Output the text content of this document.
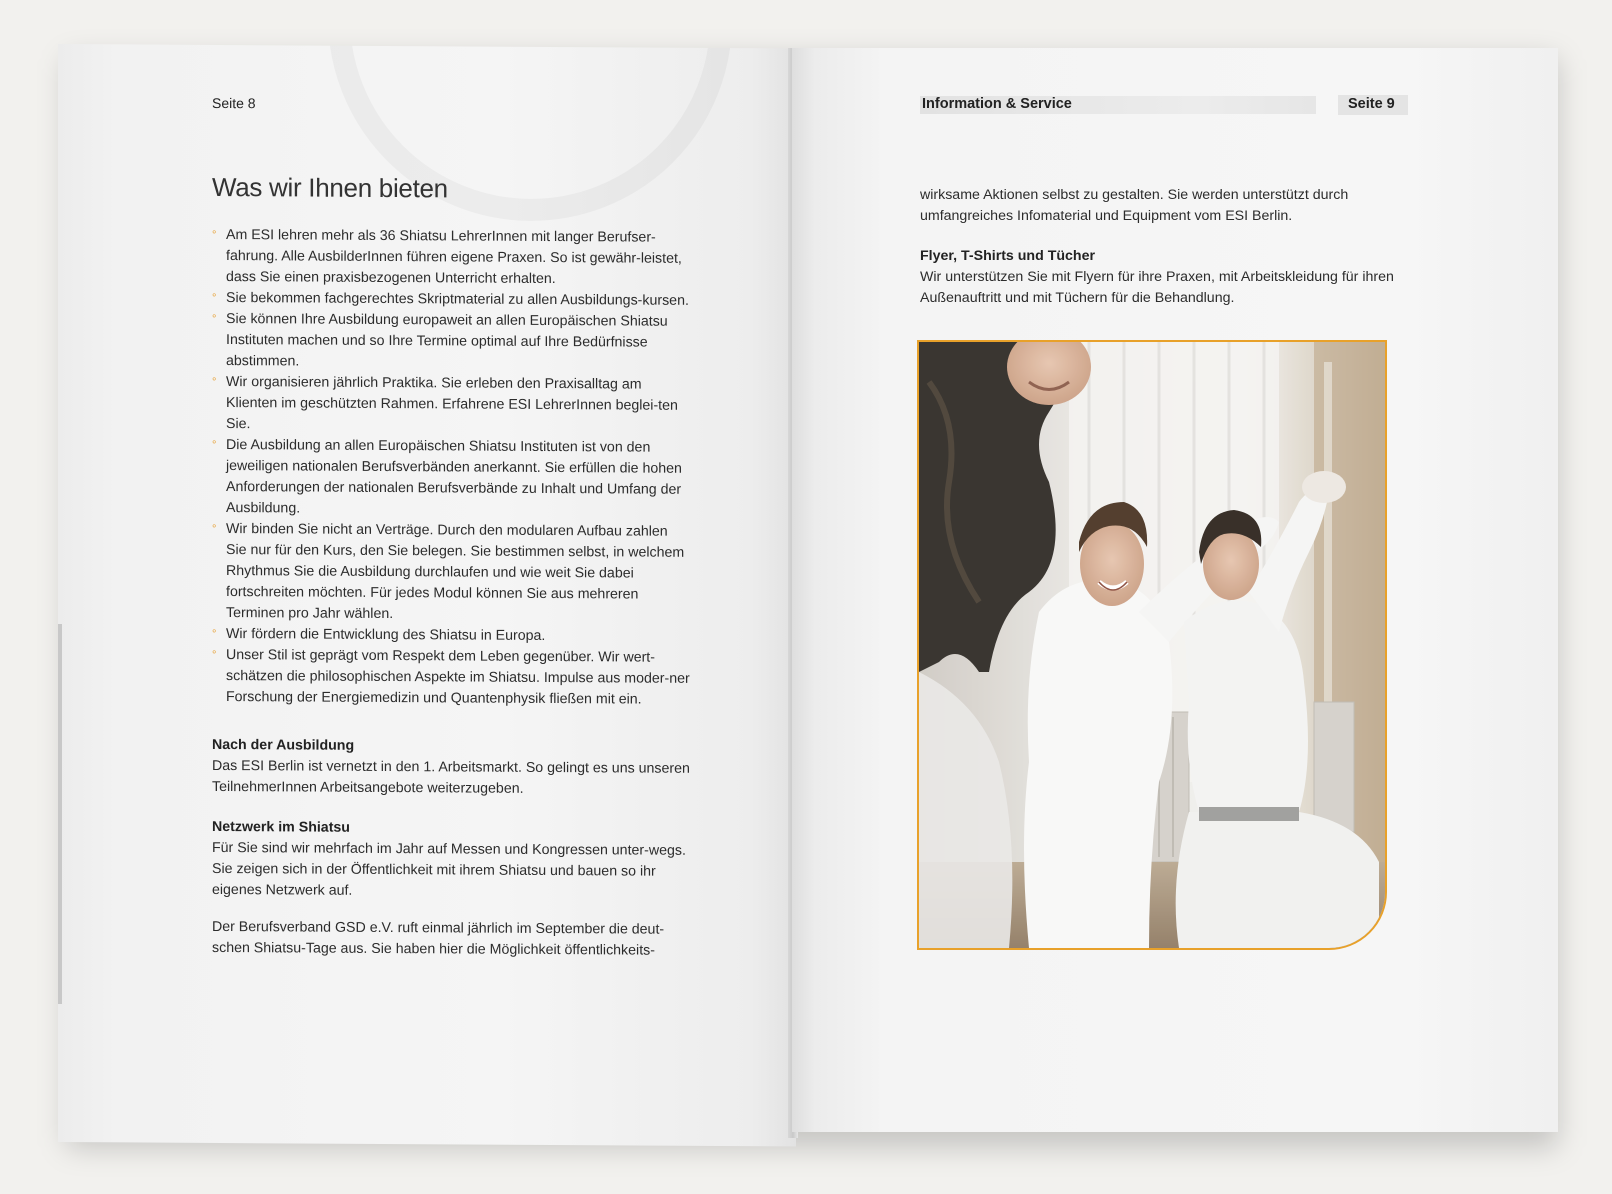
Seite 8
Was wir Ihnen bieten
° Am ESI lehren mehr als 36 Shiatsu LehrerInnen mit langer Berufser-fahrung. Alle AusbilderInnen führen eigene Praxen. So ist gewähr-leistet, dass Sie einen praxisbezogenen Unterricht erhalten.
° Sie bekommen fachgerechtes Skriptmaterial zu allen Ausbildungs-kursen.
° Sie können Ihre Ausbildung europaweit an allen Europäischen Shiatsu Instituten machen und so Ihre Termine optimal auf Ihre Bedürfnisse abstimmen.
° Wir organisieren jährlich Praktika. Sie erleben den Praxisalltag am Klienten im geschützten Rahmen. Erfahrene ESI LehrerInnen beglei-ten Sie.
° Die Ausbildung an allen Europäischen Shiatsu Instituten ist von den jeweiligen nationalen Berufsverbänden anerkannt. Sie erfüllen die hohen Anforderungen der nationalen Berufsverbände zu Inhalt und Umfang der Ausbildung.
° Wir binden Sie nicht an Verträge. Durch den modularen Aufbau zahlen Sie nur für den Kurs, den Sie belegen. Sie bestimmen selbst, in welchem Rhythmus Sie die Ausbildung durchlaufen und wie weit Sie dabei fortschreiten möchten. Für jedes Modul können Sie aus mehreren Terminen pro Jahr wählen.
° Wir fördern die Entwicklung des Shiatsu in Europa.
° Unser Stil ist geprägt vom Respekt dem Leben gegenüber. Wir wert-schätzen die philosophischen Aspekte im Shiatsu. Impulse aus moder-ner Forschung der Energiemedizin und Quantenphysik fließen mit ein.

Nach der Ausbildung

Das ESI Berlin ist vernetzt in den 1. Arbeitsmarkt. So gelingt es uns unseren TeilnehmerInnen Arbeitsangebote weiterzugeben.

Netzwerk im Shiatsu

Für Sie sind wir mehrfach im Jahr auf Messen und Kongressen unter-wegs. Sie zeigen sich in der Öffentlichkeit mit ihrem Shiatsu und bauen so ihr eigenes Netzwerk auf.

Der Berufsverband GSD e.V. ruft einmal jährlich im September die deut-schen Shiatsu-Tage aus. Sie haben hier die Möglichkeit öffentlichkeits-

Information & Service	Seite 9

wirksame Aktionen selbst zu gestalten. Sie werden unterstützt durch umfangreiches Infomaterial und Equipment vom ESI Berlin.

Flyer, T-Shirts und Tücher

Wir unterstützen Sie mit Flyern für ihre Praxen, mit Arbeitskleidung für ihren Außenauftritt und mit Tüchern für die Behandlung.
